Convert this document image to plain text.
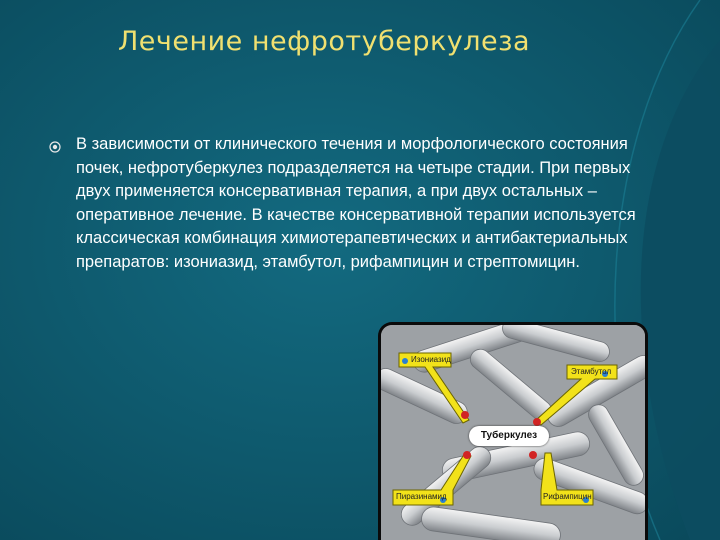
Лечение нефротуберкулеза
В зависимости от клинического течения и морфологического состояния почек, нефротуберкулез подразделяется на четыре стадии. При первых двух применяется консервативная терапия, а при двух остальных – оперативное лечение. В качестве консервативной терапии используется классическая комбинация химиотерапевтических и антибактериальных препаратов: изониазид, этамбутол, рифампицин и стрептомицин.
Изониазид
Этамбутол
Пиразинамид	Рифампицин
Туберкулез
